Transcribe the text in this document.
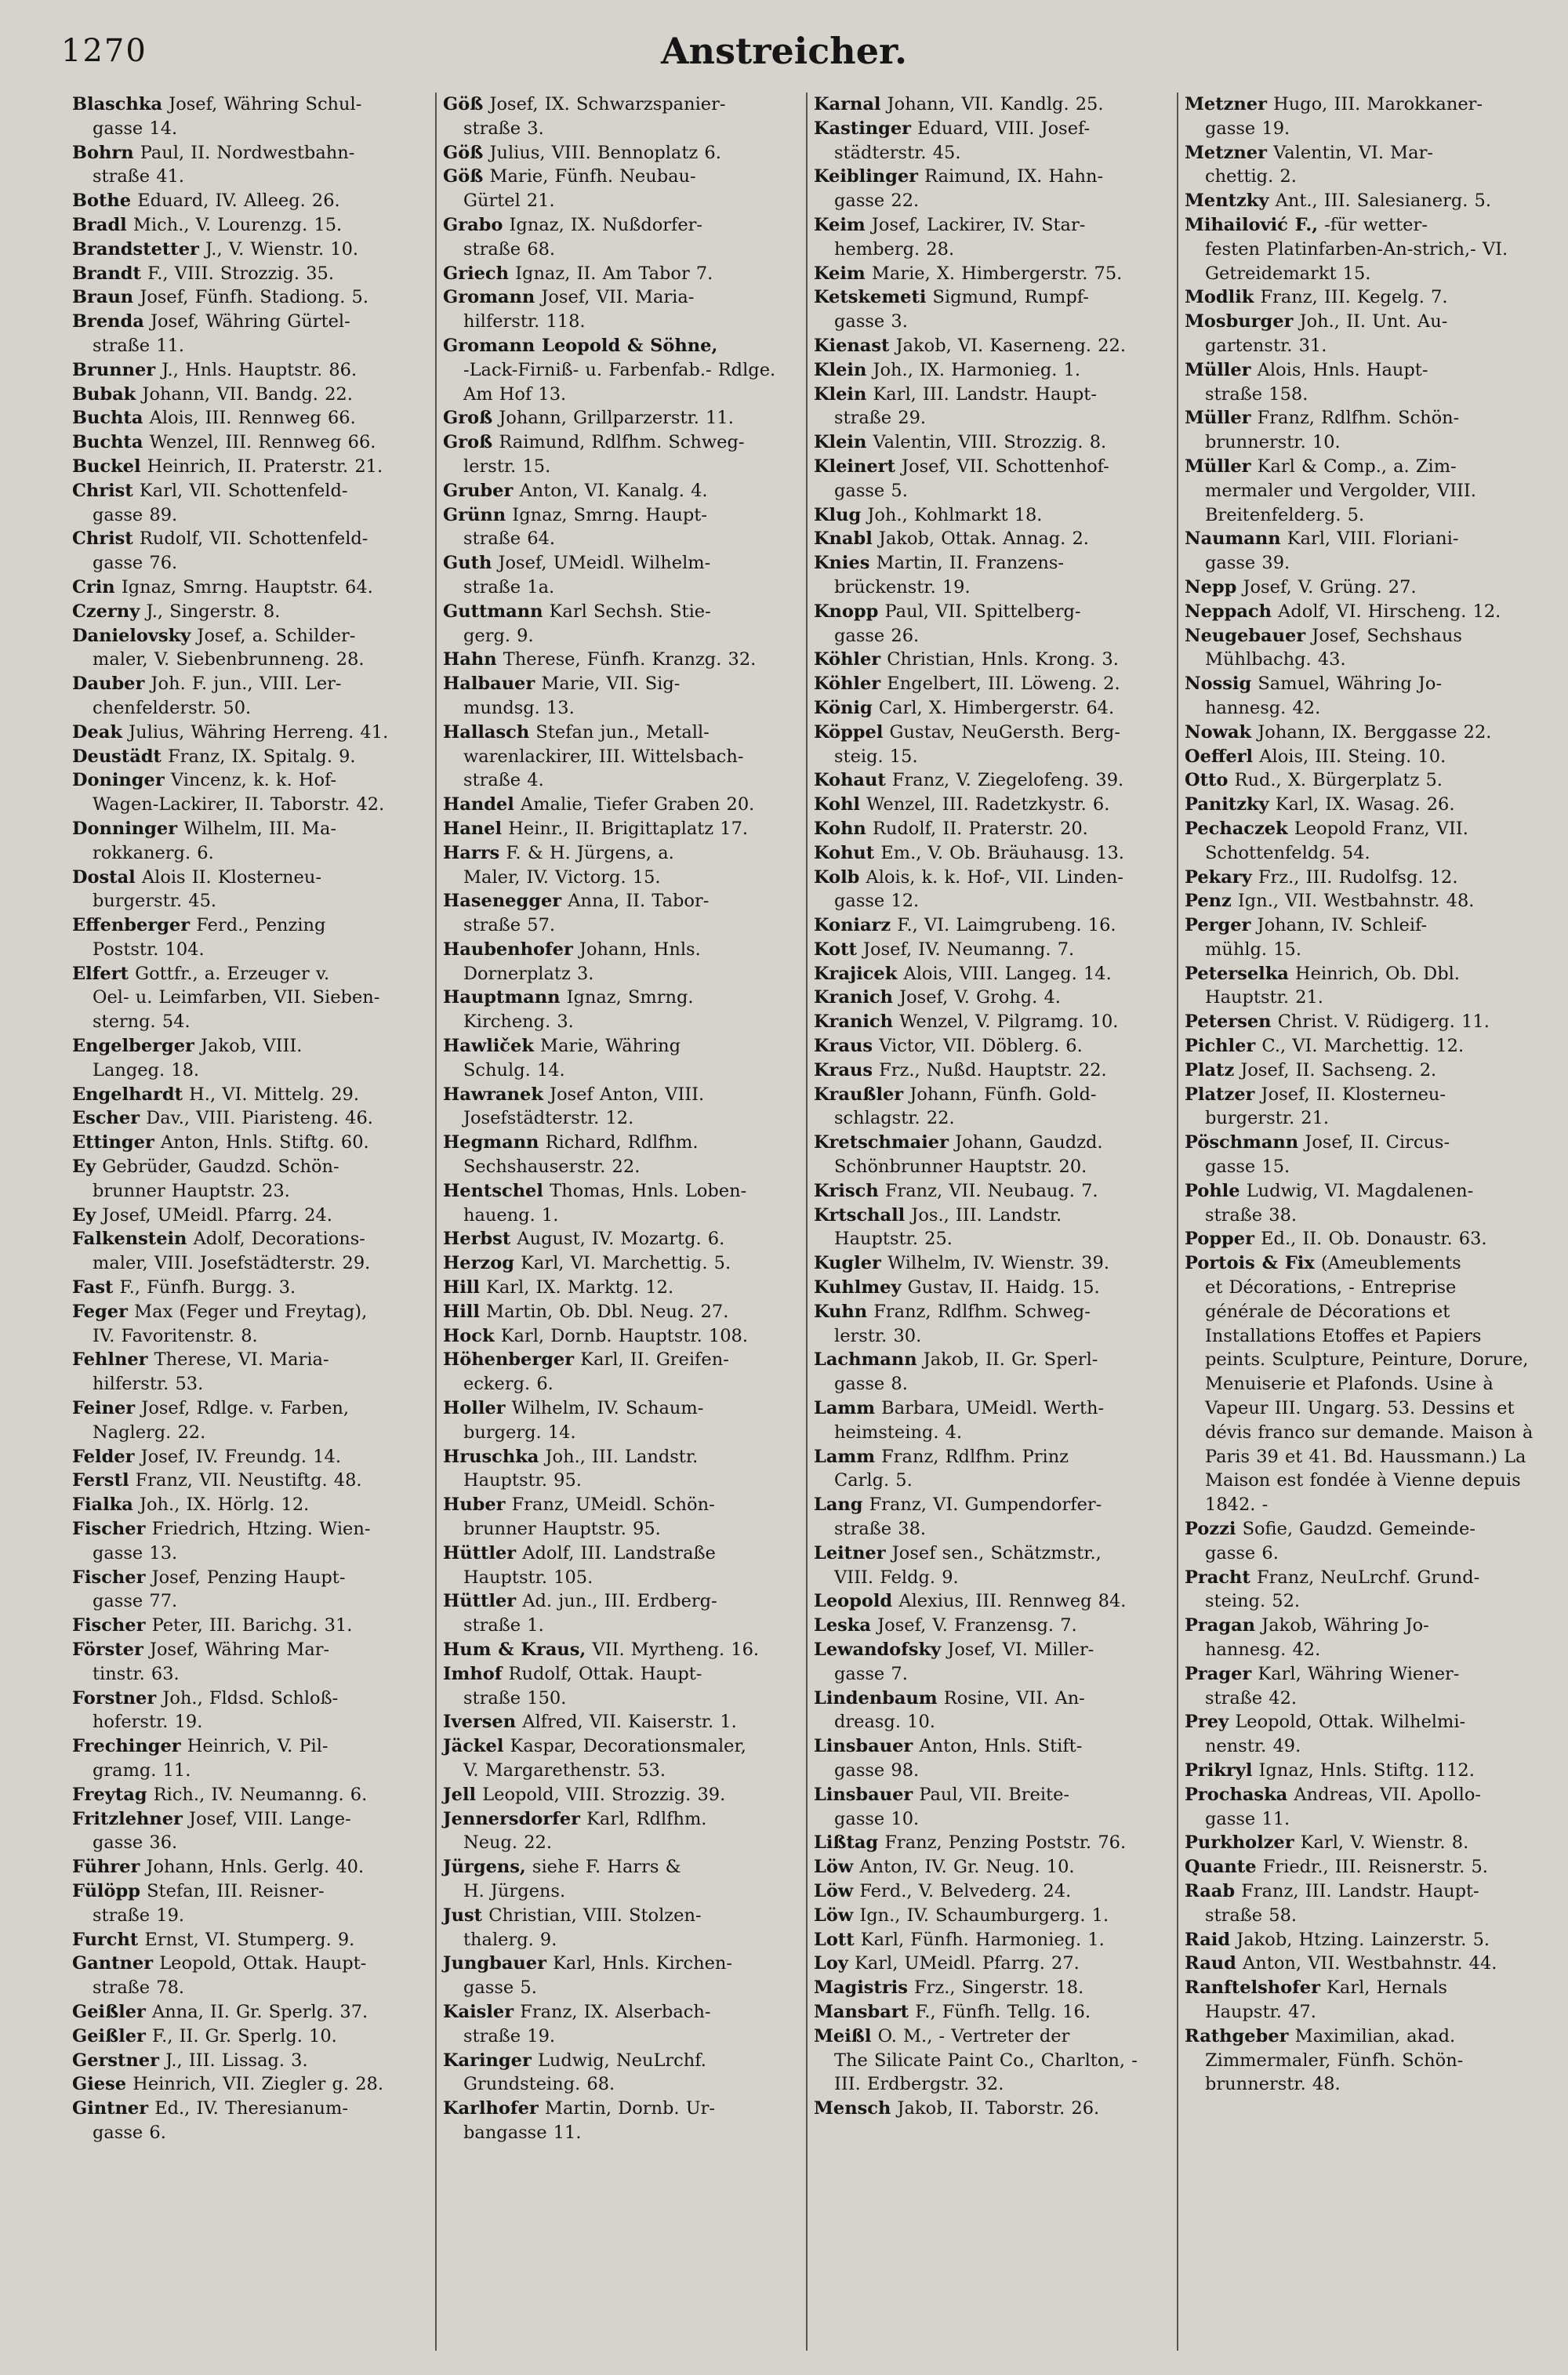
1270	Anstreicher.

Blaschka Josef, Währing Schul-
gasse 14.

Bohrn Paul, II. Nordwestbahn-
straße 41.

Bothe Eduard, IV. Alleeg. 26.

Bradl Mich., V. Lourenzg. 15.

Brandstetter J., V. Wienstr. 10.

Brandt F., VIII. Strozzig. 35.

Braun Josef, Fünfh. Stadiong. 5.

Brenda Josef, Währing Gürtel-
straße 11.

Brunner J., Hnls. Hauptstr. 86.

Bubak Johann, VII. Bandg. 22.

Buchta Alois, III. Rennweg 66.

Buchta Wenzel, III. Rennweg 66.

Buckel Heinrich, II. Praterstr. 21.

Christ Karl, VII. Schottenfeld-
gasse 89.

Christ Rudolf, VII. Schottenfeld-
gasse 76.

Crin Ignaz, Smrng. Hauptstr. 64.

Czerny J., Singerstr. 8.

Danielovsky Josef, a. Schilder-
maler, V. Siebenbrunneng. 28.

Dauber Joh. F. jun., VIII. Ler-
chenfelderstr. 50.

Deak Julius, Währing Herreng. 41.

Deustädt Franz, IX. Spitalg. 9.

Doninger Vincenz, k. k. Hof-
Wagen-Lackirer, II. Taborstr. 42.

Donninger Wilhelm, III. Ma-
rokkanerg. 6.

Dostal Alois II. Klosterneu-
burgerstr. 45.

Effenberger Ferd., Penzing
Poststr. 104.

Elfert Gottfr., a. Erzeuger v.
Oel- u. Leimfarben, VII. Sieben-sterng. 54.

Engelberger Jakob, VIII.
Langeg. 18.

Engelhardt H., VI. Mittelg. 29.

Escher Dav., VIII. Piaristeng. 46.

Ettinger Anton, Hnls. Stiftg. 60.

Ey Gebrüder, Gaudzd. Schön-
brunner Hauptstr. 23.

Ey Josef, UMeidl. Pfarrg. 24.

Falkenstein Adolf, Decorations-
maler, VIII. Josefstädterstr. 29.

Fast F., Fünfh. Burgg. 3.

Feger Max (Feger und Freytag),
IV. Favoritenstr. 8.

Fehlner Therese, VI. Maria-
hilferstr. 53.

Feiner Josef, Rdlge. v. Farben,
Naglerg. 22.

Felder Josef, IV. Freundg. 14.

Ferstl Franz, VII. Neustiftg. 48.

Fialka Joh., IX. Hörlg. 12.

Fischer Friedrich, Htzing. Wien-
gasse 13.

Fischer Josef, Penzing Haupt-
gasse 77.

Fischer Peter, III. Barichg. 31.

Förster Josef, Währing Mar-
tinstr. 63.

Forstner Joh., Fldsd. Schloß-
hoferstr. 19.

Frechinger Heinrich, V. Pil-
gramg. 11.

Freytag Rich., IV. Neumanng. 6.

Fritzlehner Josef, VIII. Lange-
gasse 36.

Führer Johann, Hnls. Gerlg. 40.

Fülöpp Stefan, III. Reisner-
straße 19.

Furcht Ernst, VI. Stumperg. 9.

Gantner Leopold, Ottak. Haupt-
straße 78.

Geißler Anna, II. Gr. Sperlg. 37.

Geißler F., II. Gr. Sperlg. 10.

Gerstner J., III. Lissag. 3.

Giese Heinrich, VII. Ziegler g. 28.

Gintner Ed., IV. Theresianum-
gasse 6.

Göß Josef, IX. Schwarzspanier-
straße 3.

Göß Julius, VIII. Bennoplatz 6.

Göß Marie, Fünfh. Neubau-
Gürtel 21.

Grabo Ignaz, IX. Nußdorfer-
straße 68.

Griech Ignaz, II. Am Tabor 7.

Gromann Josef, VII. Maria-
hilferstr. 118.

Gromann Leopold & Söhne,
-Lack-Firniß- u. Farbenfab.- Rdlge. Am Hof 13.

Groß Johann, Grillparzerstr. 11.

Groß Raimund, Rdlfhm. Schweg-
lerstr. 15.

Gruber Anton, VI. Kanalg. 4.

Grünn Ignaz, Smrng. Haupt-
straße 64.

Guth Josef, UMeidl. Wilhelm-
straße 1a.

Guttmann Karl Sechsh. Stie-
gerg. 9.

Hahn Therese, Fünfh. Kranzg. 32.

Halbauer Marie, VII. Sig-
mundsg. 13.

Hallasch Stefan jun., Metall-
warenlackirer, III. Wittelsbach-straße 4.

Handel Amalie, Tiefer Graben 20.

Hanel Heinr., II. Brigittaplatz 17.

Harrs F. & H. Jürgens, a.
Maler, IV. Victorg. 15.

Hasenegger Anna, II. Tabor-
straße 57.

Haubenhofer Johann, Hnls.
Dornerplatz 3.

Hauptmann Ignaz, Smrng.
Kircheng. 3.

Hawliček Marie, Währing
Schulg. 14.

Hawranek Josef Anton, VIII.
Josefstädterstr. 12.

Hegmann Richard, Rdlfhm.
Sechshauserstr. 22.

Hentschel Thomas, Hnls. Loben-
haueng. 1.

Herbst August, IV. Mozartg. 6.

Herzog Karl, VI. Marchettig. 5.

Hill Karl, IX. Marktg. 12.

Hill Martin, Ob. Dbl. Neug. 27.

Hock Karl, Dornb. Hauptstr. 108.

Höhenberger Karl, II. Greifen-
eckerg. 6.

Holler Wilhelm, IV. Schaum-
burgerg. 14.

Hruschka Joh., III. Landstr.
Hauptstr. 95.

Huber Franz, UMeidl. Schön-
brunner Hauptstr. 95.

Hüttler Adolf, III. Landstraße
Hauptstr. 105.

Hüttler Ad. jun., III. Erdberg-
straße 1.

Hum & Kraus, VII. Myrtheng. 16.

Imhof Rudolf, Ottak. Haupt-
straße 150.

Iversen Alfred, VII. Kaiserstr. 1.

Jäckel Kaspar, Decorationsmaler,
V. Margarethenstr. 53.

Jell Leopold, VIII. Strozzig. 39.

Jennersdorfer Karl, Rdlfhm.
Neug. 22.

Jürgens, siehe F. Harrs &
H. Jürgens.

Just Christian, VIII. Stolzen-
thalerg. 9.

Jungbauer Karl, Hnls. Kirchen-
gasse 5.

Kaisler Franz, IX. Alserbach-
straße 19.

Karinger Ludwig, NeuLrchf.
Grundsteing. 68.

Karlhofer Martin, Dornb. Ur-
bangasse 11.

Karnal Johann, VII. Kandlg. 25.

Kastinger Eduard, VIII. Josef-
städterstr. 45.

Keiblinger Raimund, IX. Hahn-
gasse 22.

Keim Josef, Lackirer, IV. Star-
hemberg. 28.

Keim Marie, X. Himbergerstr. 75.

Ketskemeti Sigmund, Rumpf-
gasse 3.

Kienast Jakob, VI. Kaserneng. 22.

Klein Joh., IX. Harmonieg. 1.

Klein Karl, III. Landstr. Haupt-
straße 29.

Klein Valentin, VIII. Strozzig. 8.

Kleinert Josef, VII. Schottenhof-
gasse 5.

Klug Joh., Kohlmarkt 18.

Knabl Jakob, Ottak. Annag. 2.

Knies Martin, II. Franzens-
brückenstr. 19.

Knopp Paul, VII. Spittelberg-
gasse 26.

Köhler Christian, Hnls. Krong. 3.

Köhler Engelbert, III. Löweng. 2.

König Carl, X. Himbergerstr. 64.

Köppel Gustav, NeuGersth. Berg-
steig. 15.

Kohaut Franz, V. Ziegelofeng. 39.

Kohl Wenzel, III. Radetzkystr. 6.

Kohn Rudolf, II. Praterstr. 20.

Kohut Em., V. Ob. Bräuhausg. 13.

Kolb Alois, k. k. Hof-, VII. Linden-
gasse 12.

Koniarz F., VI. Laimgrubeng. 16.

Kott Josef, IV. Neumanng. 7.

Krajicek Alois, VIII. Langeg. 14.

Kranich Josef, V. Grohg. 4.

Kranich Wenzel, V. Pilgramg. 10.

Kraus Victor, VII. Döblerg. 6.

Kraus Frz., Nußd. Hauptstr. 22.

Kraußler Johann, Fünfh. Gold-
schlagstr. 22.

Kretschmaier Johann, Gaudzd.
Schönbrunner Hauptstr. 20.

Krisch Franz, VII. Neubaug. 7.

Krtschall Jos., III. Landstr.
Hauptstr. 25.

Kugler Wilhelm, IV. Wienstr. 39.

Kuhlmey Gustav, II. Haidg. 15.

Kuhn Franz, Rdlfhm. Schweg-
lerstr. 30.

Lachmann Jakob, II. Gr. Sperl-
gasse 8.

Lamm Barbara, UMeidl. Werth-
heimsteing. 4.

Lamm Franz, Rdlfhm. Prinz
Carlg. 5.

Lang Franz, VI. Gumpendorfer-
straße 38.

Leitner Josef sen., Schätzmstr.,
VIII. Feldg. 9.

Leopold Alexius, III. Rennweg 84.

Leska Josef, V. Franzensg. 7.

Lewandofsky Josef, VI. Miller-
gasse 7.

Lindenbaum Rosine, VII. An-
dreasg. 10.

Linsbauer Anton, Hnls. Stift-
gasse 98.

Linsbauer Paul, VII. Breite-
gasse 10.

Lißtag Franz, Penzing Poststr. 76.

Löw Anton, IV. Gr. Neug. 10.

Löw Ferd., V. Belvederg. 24.

Löw Ign., IV. Schaumburgerg. 1.

Lott Karl, Fünfh. Harmonieg. 1.

Loy Karl, UMeidl. Pfarrg. 27.

Magistris Frz., Singerstr. 18.

Mansbart F., Fünfh. Tellg. 16.

Meißl O. M., - Vertreter der
The Silicate Paint Co., Charlton, - III. Erdbergstr. 32.

Mensch Jakob, II. Taborstr. 26.

Metzner Hugo, III. Marokkaner-
gasse 19.

Metzner Valentin, VI. Mar-
chettig. 2.

Mentzky Ant., III. Salesianerg. 5.

Mihailović F., -für wetter-
festen Platinfarben-An-strich,- VI. Getreidemarkt 15.

Modlik Franz, III. Kegelg. 7.

Mosburger Joh., II. Unt. Au-
gartenstr. 31.

Müller Alois, Hnls. Haupt-
straße 158.

Müller Franz, Rdlfhm. Schön-
brunnerstr. 10.

Müller Karl & Comp., a. Zim-
mermaler und Vergolder, VIII. Breitenfelderg. 5.

Naumann Karl, VIII. Floriani-
gasse 39.

Nepp Josef, V. Grüng. 27.

Neppach Adolf, VI. Hirscheng. 12.

Neugebauer Josef, Sechshaus
Mühlbachg. 43.

Nossig Samuel, Währing Jo-
hannesg. 42.

Nowak Johann, IX. Berggasse 22.

Oefferl Alois, III. Steing. 10.

Otto Rud., X. Bürgerplatz 5.

Panitzky Karl, IX. Wasag. 26.

Pechaczek Leopold Franz, VII.
Schottenfeldg. 54.

Pekary Frz., III. Rudolfsg. 12.

Penz Ign., VII. Westbahnstr. 48.

Perger Johann, IV. Schleif-
mühlg. 15.

Peterselka Heinrich, Ob. Dbl.
Hauptstr. 21.

Petersen Christ. V. Rüdigerg. 11.

Pichler C., VI. Marchettig. 12.

Platz Josef, II. Sachseng. 2.

Platzer Josef, II. Klosterneu-
burgerstr. 21.

Pöschmann Josef, II. Circus-
gasse 15.

Pohle Ludwig, VI. Magdalenen-
straße 38.

Popper Ed., II. Ob. Donaustr. 63.

Portois & Fix (Ameublements
et Décorations, - Entreprise générale de Décorations et Installations Etoffes et Papiers peints. Sculpture, Peinture, Dorure, Menuiserie et Plafonds. Usine à Vapeur III. Ungarg. 53. Dessins et dévis franco sur demande. Maison à Paris 39 et 41. Bd. Haussmann.) La Maison est fondée à Vienne depuis 1842. -

Pozzi Sofie, Gaudzd. Gemeinde-
gasse 6.

Pracht Franz, NeuLrchf. Grund-
steing. 52.

Pragan Jakob, Währing Jo-
hannesg. 42.

Prager Karl, Währing Wiener-
straße 42.

Prey Leopold, Ottak. Wilhelmi-
nenstr. 49.

Prikryl Ignaz, Hnls. Stiftg. 112.

Prochaska Andreas, VII. Apollo-
gasse 11.

Purkholzer Karl, V. Wienstr. 8.

Quante Friedr., III. Reisnerstr. 5.

Raab Franz, III. Landstr. Haupt-
straße 58.

Raid Jakob, Htzing. Lainzerstr. 5.

Raud Anton, VII. Westbahnstr. 44.

Ranftelshofer Karl, Hernals
Haupstr. 47.

Rathgeber Maximilian, akad.
Zimmermaler, Fünfh. Schön-brunnerstr. 48.
